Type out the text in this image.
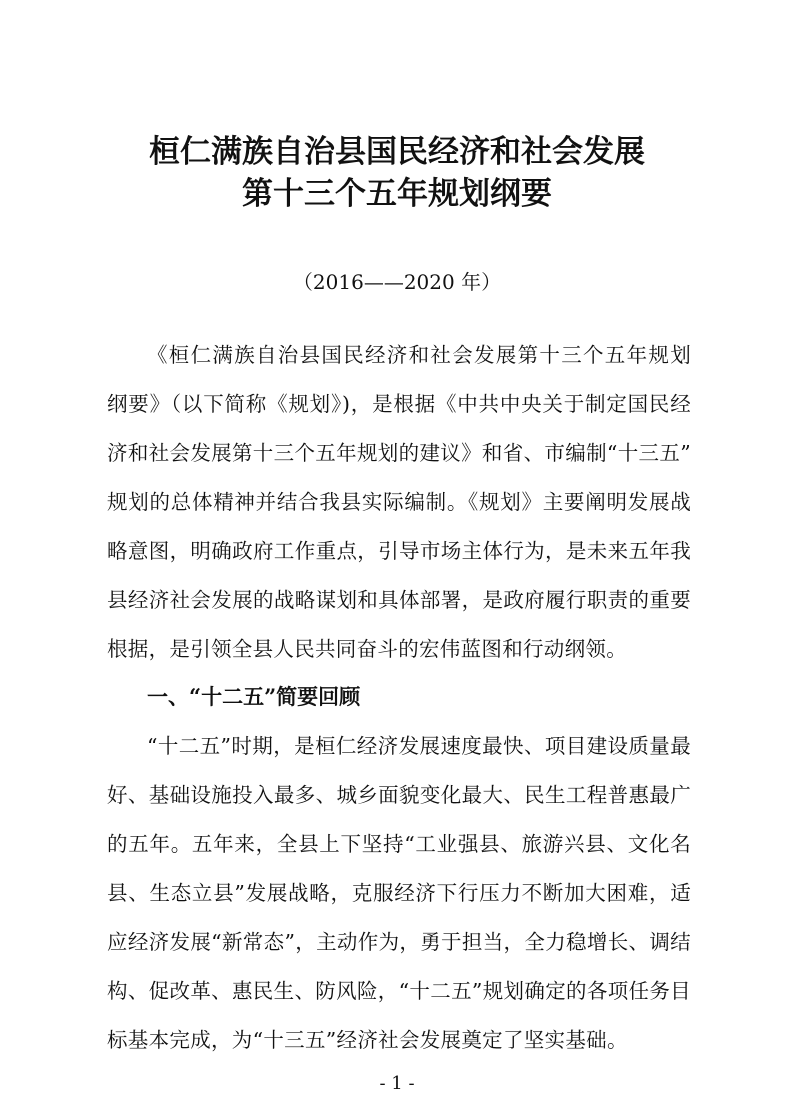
桓仁满族自治县国民经济和社会发展
第十三个五年规划纲要
（2016——2020 年）
《桓仁满族自治县国民经济和社会发展第十三个五年规划
纲要》（以下简称《规划》)，是根据《中共中央关于制定国民经
济和社会发展第十三个五年规划的建议》和省、市编制“十三五”
规划的总体精神并结合我县实际编制。《规划》主要阐明发展战
略意图，明确政府工作重点，引导市场主体行为，是未来五年我
县经济社会发展的战略谋划和具体部署，是政府履行职责的重要
根据，是引领全县人民共同奋斗的宏伟蓝图和行动纲领。
一、“十二五”简要回顾
“十二五”时期，是桓仁经济发展速度最快、项目建设质量最
好、基础设施投入最多、城乡面貌变化最大、民生工程普惠最广
的五年。五年来，全县上下坚持“工业强县、旅游兴县、文化名
县、生态立县”发展战略，克服经济下行压力不断加大困难，适
应经济发展“新常态”，主动作为，勇于担当，全力稳增长、调结
构、促改革、惠民生、防风险，“十二五”规划确定的各项任务目
标基本完成，为“十三五”经济社会发展奠定了坚实基础。
- 1 -
